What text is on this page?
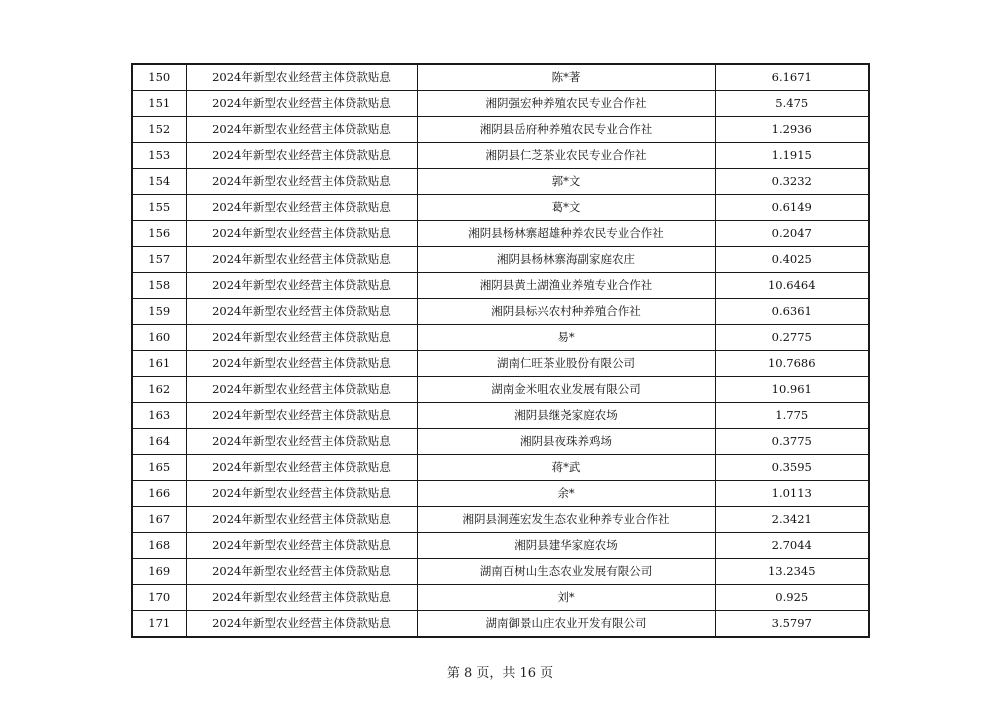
150	2024年新型农业经营主体贷款贴息	陈*著	6.1671
151	2024年新型农业经营主体贷款贴息	湘阴强宏种养殖农民专业合作社	5.475
152	2024年新型农业经营主体贷款贴息	湘阴县岳府种养殖农民专业合作社	1.2936
153	2024年新型农业经营主体贷款贴息	湘阴县仁芝茶业农民专业合作社	1.1915
154	2024年新型农业经营主体贷款贴息	郭*文	0.3232
155	2024年新型农业经营主体贷款贴息	葛*文	0.6149
156	2024年新型农业经营主体贷款贴息	湘阴县杨林寨超雄种养农民专业合作社	0.2047
157	2024年新型农业经营主体贷款贴息	湘阴县杨林寨海副家庭农庄	0.4025
158	2024年新型农业经营主体贷款贴息	湘阴县黄土湖渔业养殖专业合作社	10.6464
159	2024年新型农业经营主体贷款贴息	湘阴县标兴农村种养殖合作社	0.6361
160	2024年新型农业经营主体贷款贴息	易*	0.2775
161	2024年新型农业经营主体贷款贴息	湖南仁旺茶业股份有限公司	10.7686
162	2024年新型农业经营主体贷款贴息	湖南金米咀农业发展有限公司	10.961
163	2024年新型农业经营主体贷款贴息	湘阴县继尧家庭农场	1.775
164	2024年新型农业经营主体贷款贴息	湘阴县夜珠养鸡场	0.3775
165	2024年新型农业经营主体贷款贴息	蒋*武	0.3595
166	2024年新型农业经营主体贷款贴息	余*	1.0113
167	2024年新型农业经营主体贷款贴息	湘阴县洞莲宏发生态农业种养专业合作社	2.3421
168	2024年新型农业经营主体贷款贴息	湘阴县建华家庭农场	2.7044
169	2024年新型农业经营主体贷款贴息	湖南百树山生态农业发展有限公司	13.2345
170	2024年新型农业经营主体贷款贴息	刘*	0.925
171	2024年新型农业经营主体贷款贴息	湖南御景山庄农业开发有限公司	3.5797
第 8 页，共 16 页
